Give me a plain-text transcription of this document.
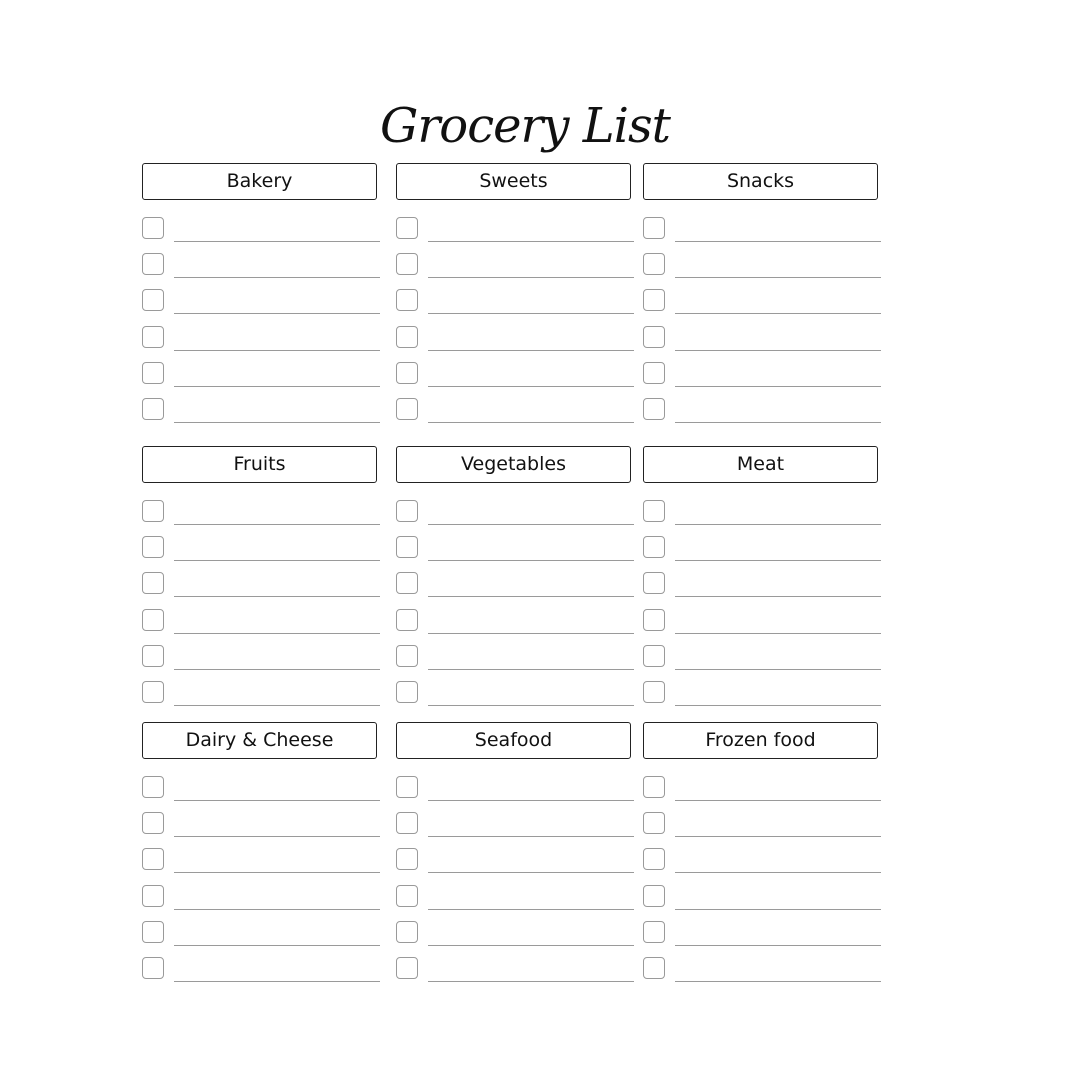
Grocery List
Bakery	Sweets	Snacks
Fruits	Vegetables	Meat
Dairy & Cheese	Seafood	Frozen food
